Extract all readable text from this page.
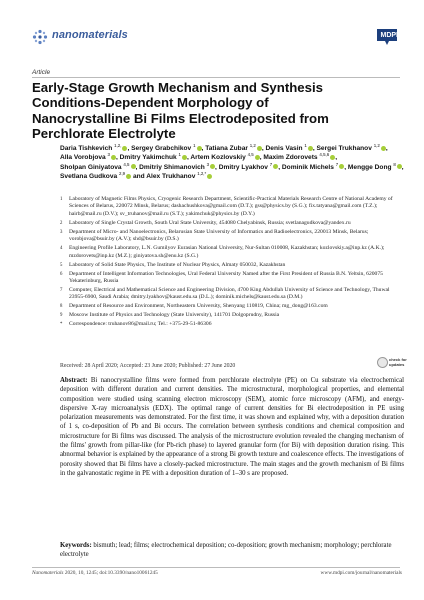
nanomaterials	MDPI
Article
Early-Stage Growth Mechanism and Synthesis Conditions-Dependent Morphology of Nanocrystalline Bi Films Electrodeposited from Perchlorate Electrolyte
Daria Tishkevich $^{1,2,}$ , Sergey Grabchikov $^1$ , Tatiana Zubar $^{1,2}$ , Denis Vasin $^1$ , Sergei Trukhanov $^{1,2}$ , Alla Vorobjova $^3$ , Dmitry Yakimchuk $^1$ , Artem Kozlovskiy $^{4,5}$ , Maxim Zdorovets $^{4,5,6}$ , Sholpan Giniyatova $^{4,5}$ , Dmitriy Shimanovich $^3$ , Dmitry Lyakhov $^7$ , Dominik Michels $^7$ , Mengge Dong $^8$ , Svetlana Gudkova $^{2,9}$ and Alex Trukhanov $^{1,2,*}$
1 Laboratory of Magnetic Films Physics, Cryogenic Research Department, Scientific-Practical Materials Research Centre of National Academy of Sciences of Belarus, 220072 Minsk, Belarus; dashachushkova@gmail.com (D.T.); gss@physics.by (S.G.); fix.tatyana@gmail.com (T.Z.); hairb@mail.ru (D.V.); sv_truhanov@mail.ru (S.T.); yakimchuk@physics.by (D.Y.)
2 Laboratory of Single Crystal Growth, South Ural State University, 454080 Chelyabinsk, Russia; svetlanagudkova@yandex.ru
3 Department of Micro- and Nanoelectronics, Belarusian State University of Informatics and Radioelectronics, 220013 Minsk, Belarus; vorobjova@bsuir.by (A.V.); shd@bsuir.by (D.S.)
4 Engineering Profile Laboratory, L.N. Gumilyov Eurasian National University, Nur-Sultan 010008, Kazakhstan; kozlovskiy.a@inp.kz (A.K.); mzdorovets@inp.kz (M.Z.); giniyatova.sh@enu.kz (S.G.)
5 Laboratory of Solid State Physics, The Institute of Nuclear Physics, Almaty 050032, Kazakhstan
6 Department of Intelligent Information Technologies, Ural Federal University Named after the First President of Russia B.N. Yeltsin, 620075 Yekaterinburg, Russia
7 Computer, Electrical and Mathematical Science and Engineering Division, 4700 King Abdullah University of Science and Technology, Thuwal 23955-6900, Saudi Arabia; dmitry.lyakhov@kaust.edu.sa (D.L.); dominik.michels@kaust.edu.sa (D.M.)
8 Department of Resource and Environment, Northeastern University, Shenyang 110819, China; mg_dong@163.com
9 Moscow Institute of Physics and Technology (State University), 141701 Dolgoprudny, Russia
* Correspondence: truhanov86@mail.ru; Tel.: +375-29-51-86306
Received: 28 April 2020; Accepted: 23 June 2020; Published: 27 June 2020
check for
updates
Abstract: Bi nanocrystalline films were formed from perchlorate electrolyte (PE) on Cu substrate via electrochemical deposition with different duration and current densities. The microstructural, morphological properties, and elemental composition were studied using scanning electron microscopy (SEM), atomic force microscopy (AFM), and energy-dispersive X-ray microanalysis (EDX). The optimal range of current densities for Bi electrodeposition in PE using polarization measurements was demonstrated. For the first time, it was shown and explained why, with a deposition duration of 1 s, co-deposition of Pb and Bi occurs. The correlation between synthesis conditions and chemical composition and microstructure for Bi films was discussed. The analysis of the microstructure evolution revealed the changing mechanism of the films' growth from pillar-like (for Pb-rich phase) to layered granular form (for Bi) with deposition duration rising. This abnormal behavior is explained by the appearance of a strong Bi growth texture and coalescence effects. The investigations of porosity showed that Bi films have a closely-packed microstructure. The main stages and the growth mechanism of Bi films in the galvanostatic regime in PE with a deposition duration of 1–30 s are proposed.
Keywords: bismuth; lead; films; electrochemical deposition; co-deposition; growth mechanism; morphology; perchlorate electrolyte
Nanomaterials 2020, 10, 1245; doi:10.3390/nano10061245	www.mdpi.com/journal/nanomaterials
